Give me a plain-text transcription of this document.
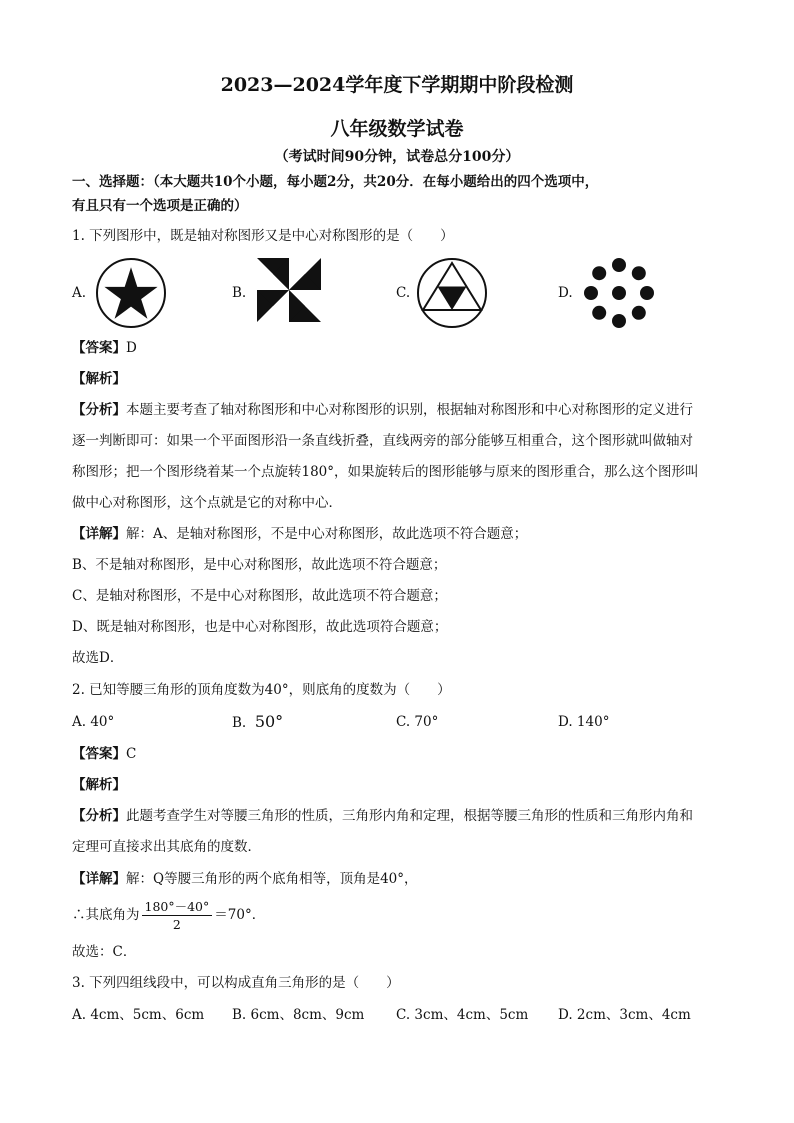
2023—2024学年度下学期期中阶段检测
八年级数学试卷
（考试时间90分钟，试卷总分100分）
一、选择题：（本大题共10个小题，每小题2分，共20分．在每小题给出的四个选项中，
有且只有一个选项是正确的）
1. 下列图形中，既是轴对称图形又是中心对称图形的是（　　）
A.	B.	C.	D.
【答案】D
【解析】
【分析】本题主要考查了轴对称图形和中心对称图形的识别，根据轴对称图形和中心对称图形的定义进行
逐一判断即可：如果一个平面图形沿一条直线折叠，直线两旁的部分能够互相重合，这个图形就叫做轴对
称图形；把一个图形绕着某一个点旋转180°，如果旋转后的图形能够与原来的图形重合，那么这个图形叫
做中心对称图形，这个点就是它的对称中心．
【详解】解：A、是轴对称图形，不是中心对称图形，故此选项不符合题意；
B、不是轴对称图形，是中心对称图形，故此选项不符合题意；
C、是轴对称图形，不是中心对称图形，故此选项不符合题意；
D、既是轴对称图形，也是中心对称图形，故此选项符合题意；
故选D．
2. 已知等腰三角形的顶角度数为40°，则底角的度数为（　　）
A. 40°	B. 50°	C. 70°	D. 140°
【答案】C
【解析】
【分析】此题考查学生对等腰三角形的性质，三角形内角和定理，根据等腰三角形的性质和三角形内角和
定理可直接求出其底角的度数．
【详解】解：Q等腰三角形的两个底角相等，顶角是40°，
∴其底角为 $\frac{180^\circ-40^\circ}{2} =70^\circ$．
故选：C．
3. 下列四组线段中，可以构成直角三角形的是（　　）
A. 4cm、5cm、6cm B. 6cm、8cm、9cm C. 3cm、4cm、5cm D. 2cm、3cm、4cm
